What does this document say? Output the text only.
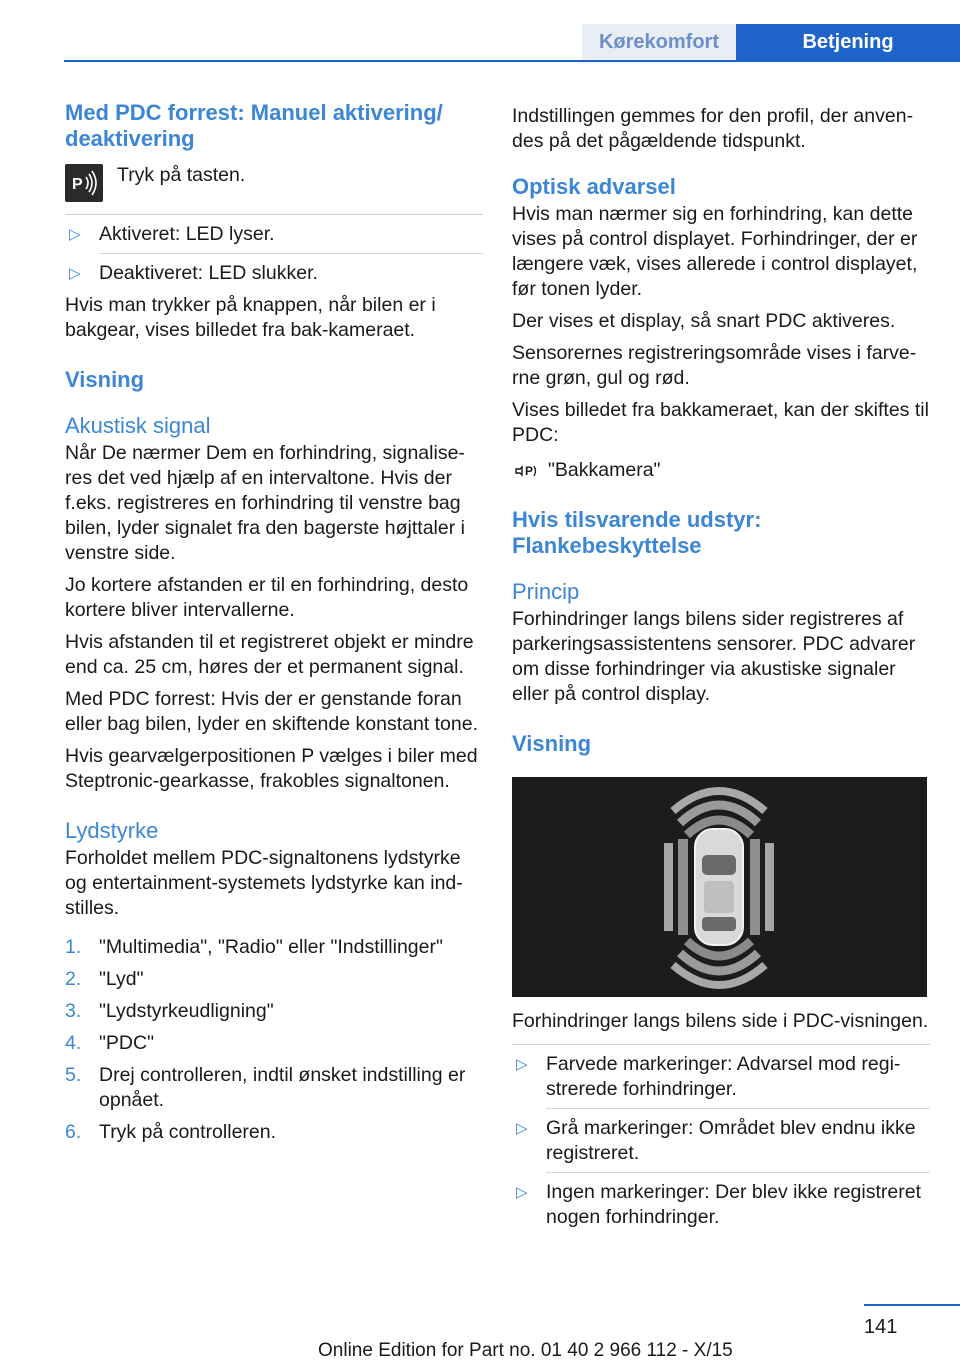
Kørekomfort	Betjening
Med PDC forrest: Manuel aktivering/ deaktivering
P Tryk på tasten.
▷ Aktiveret: LED lyser.
▷ Deaktiveret: LED slukker.

Hvis man trykker på knappen, når bilen er i bakgear, vises billedet fra bak-kameraet.

Visning
Akustisk signal

Når De nærmer Dem en forhindring, signaliseres det ved hjælp af en intervaltone. Hvis der f.eks. registreres en forhindring til venstre bag bilen, lyder signalet fra den bagerste højttaler i venstre side.

Jo kortere afstanden er til en forhindring, desto kortere bliver intervallerne.

Hvis afstanden til et registreret objekt er mindre end ca. 25 cm, høres der et permanent signal.

Med PDC forrest: Hvis der er genstande foran eller bag bilen, lyder en skiftende konstant tone.

Hvis gearvælgerpositionen P vælges i biler med Steptronic-gearkasse, frakobles signaltonen.

Lydstyrke

Forholdet mellem PDC-signaltonens lydstyrke og entertainment-systemets lydstyrke kan indstilles.

1. "Multimedia", "Radio" eller "Indstillinger"
2. "Lyd"
3. "Lydstyrkeudligning"
4. "PDC"
5. Drej controlleren, indtil ønsket indstilling er opnået.
6. Tryk på controlleren.

Indstillingen gemmes for den profil, der anvendes på det pågældende tidspunkt.

Optisk advarsel

Hvis man nærmer sig en forhindring, kan dette vises på control displayet. Forhindringer, der er længere væk, vises allerede i control displayet, før tonen lyder.

Der vises et display, så snart PDC aktiveres.

Sensorernes registreringsområde vises i farverne grøn, gul og rød.

Vises billedet fra bakkameraet, kan der skiftes til PDC:

P "Bakkamera"
Hvis tilsvarende udstyr: Flankebeskyttelse
Princip

Forhindringer langs bilens sider registreres af parkeringsassistentens sensorer. PDC advarer om disse forhindringer via akustiske signaler eller på control display.

Visning

Forhindringer langs bilens side i PDC-visningen.

▷ Farvede markeringer: Advarsel mod registrerede forhindringer.
▷ Grå markeringer: Området blev endnu ikke registreret.
▷ Ingen markeringer: Der blev ikke registreret nogen forhindringer.
141
Online Edition for Part no. 01 40 2 966 112 - X/15
